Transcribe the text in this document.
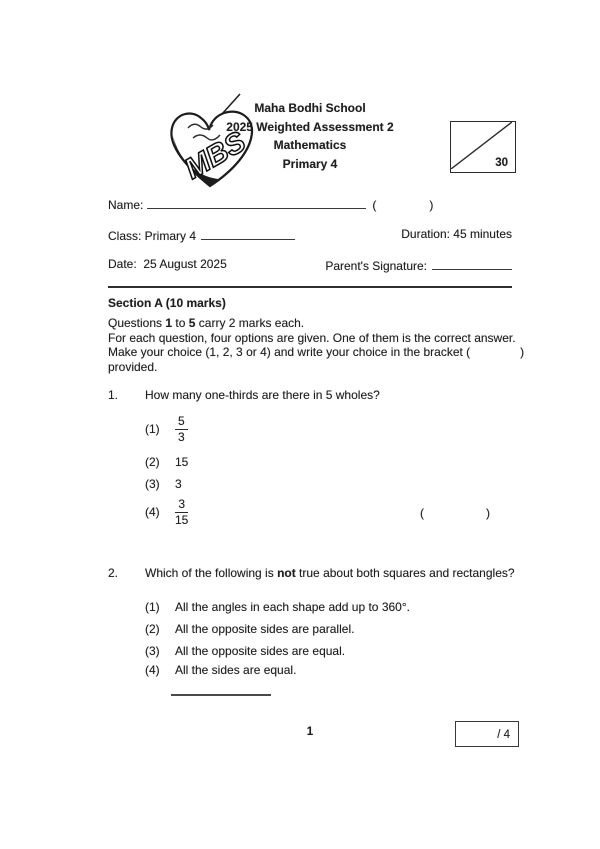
MBS
Maha Bodhi School
2025 Weighted Assessment 2
Mathematics
Primary 4	30
Name:	(	)
Class: Primary 4	Duration: 45 minutes
Date:  25 August 2025	Parent's Signature:
Section A (10 marks)
Questions 1 to 5 carry 2 marks each.
For each question, four options are given. One of them is the correct answer.
Make your choice (1, 2, 3 or 4) and write your choice in the bracket (               ) provided.
1.	How many one-thirds are there in 5 wholes?
$(1) \frac{5}{3}$
(2) 15
(3) 3
$(4) \frac{3}{15}$	(	)
2.	Which of the following is not true about both squares and rectangles?
(1) All the angles in each shape add up to 360°.
(2) All the opposite sides are parallel.
(3) All the opposite sides are equal.
(4) All the sides are equal.
1	/ 4
